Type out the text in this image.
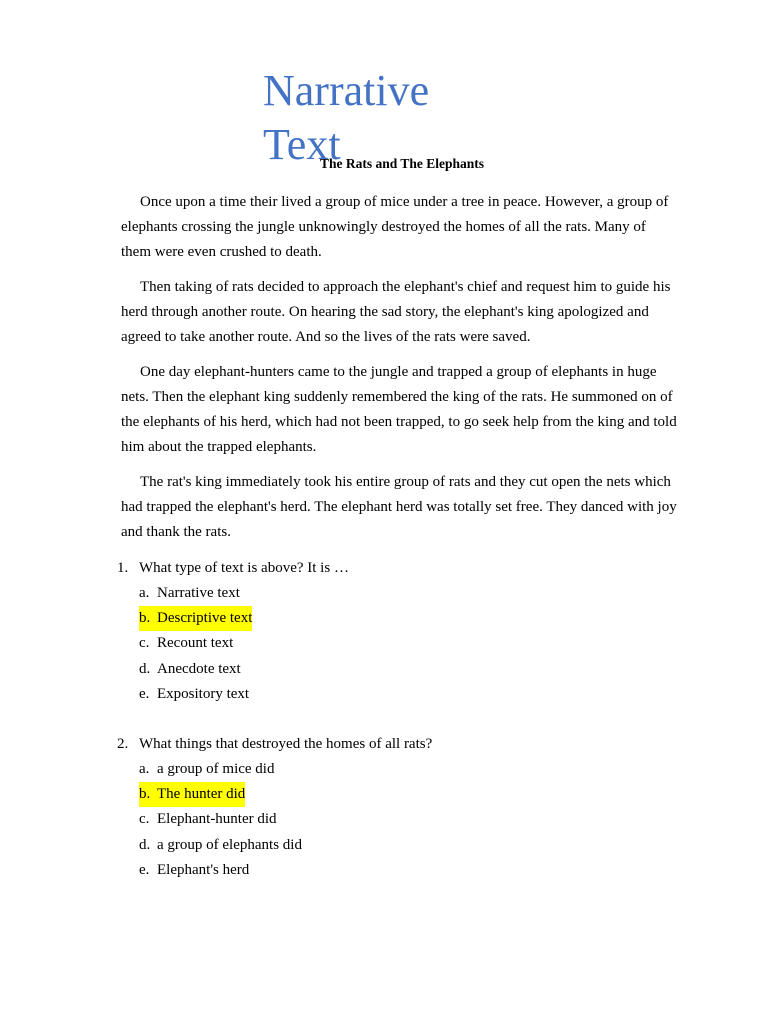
Narrative Text
The Rats and The Elephants

Once upon a time their lived a group of mice under a tree in peace. However, a group of elephants crossing the jungle unknowingly destroyed the homes of all the rats. Many of them were even crushed to death.

Then taking of rats decided to approach the elephant's chief and request him to guide his herd through another route. On hearing the sad story, the elephant's king apologized and agreed to take another route. And so the lives of the rats were saved.

One day elephant-hunters came to the jungle and trapped a group of elephants in huge nets. Then the elephant king suddenly remembered the king of the rats. He summoned on of the elephants of his herd, which had not been trapped, to go seek help from the king and told him about the trapped elephants.

The rat's king immediately took his entire group of rats and they cut open the nets which had trapped the elephant's herd. The elephant herd was totally set free. They danced with joy and thank the rats.

1. What type of text is above? It is …

a. Narrative text

b. Descriptive text

c. Recount text

d. Anecdote text

e. Expository text

2. What things that destroyed the homes of all rats?

a. a group of mice did

b. The hunter did

c. Elephant-hunter did

d. a group of elephants did

e. Elephant's herd
